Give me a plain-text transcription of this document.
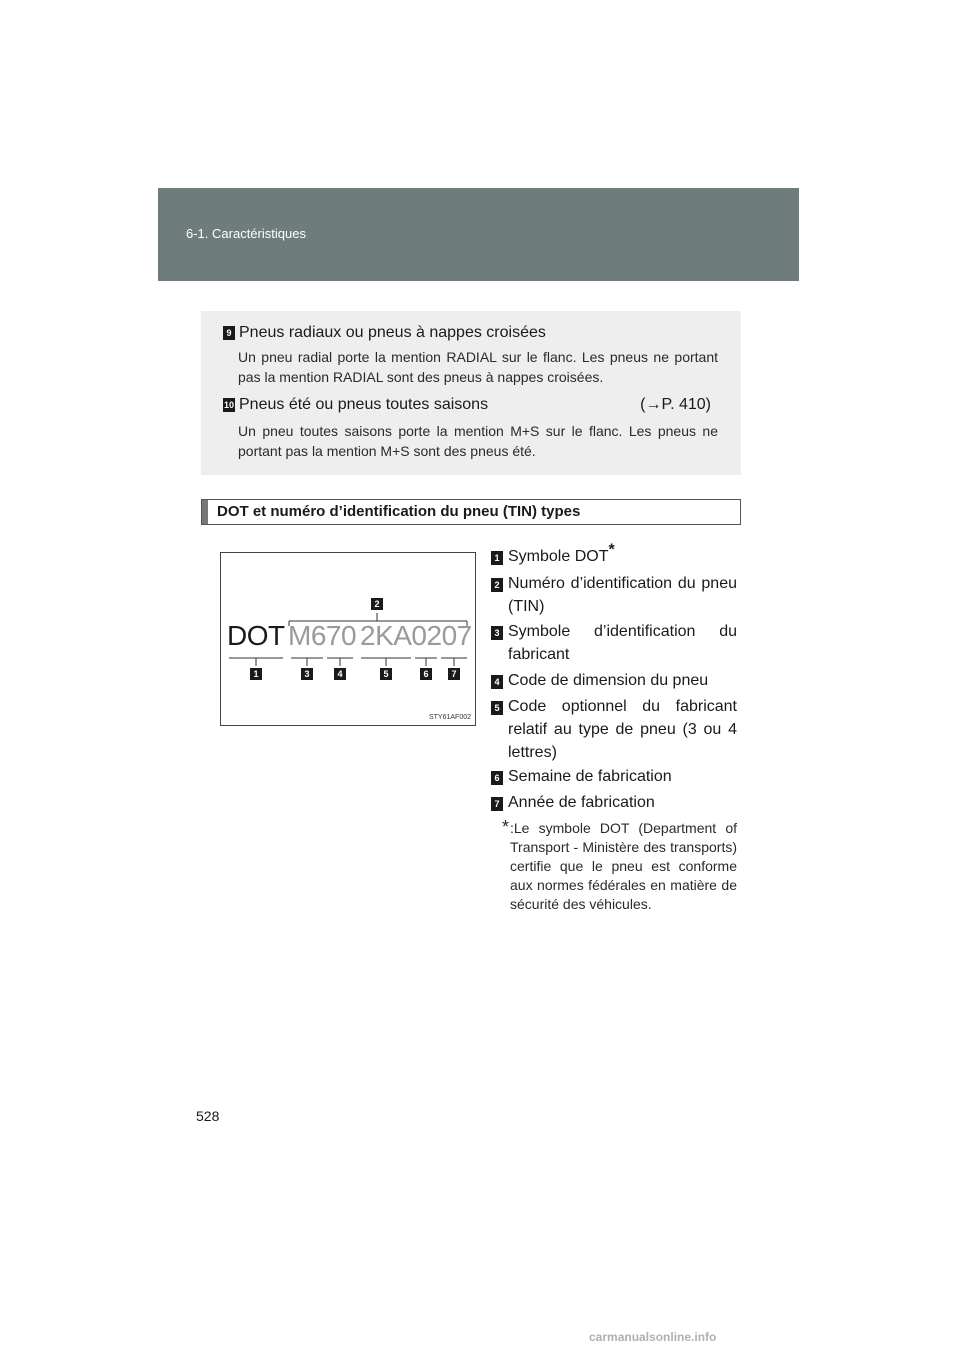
6-1. Caractéristiques
9 Pneus radiaux ou pneus à nappes croisées
Un pneu radial porte la mention RADIAL sur le flanc. Les pneus ne portant pas la mention RADIAL sont des pneus à nappes croisées.
10 Pneus été ou pneus toutes saisons	(→P. 410)
Un pneu toutes saisons porte la mention M+S sur le flanc. Les pneus ne portant pas la mention M+S sont des pneus été.
DOT et numéro d’identification du pneu (TIN) types
2
DOT M670 2KA0207
1	3	4	5	6	7
STY61AF002
1 Symbole DOT*
2 Numéro d’identification du pneu (TIN)
3 Symbole d’identification du fabricant
4 Code de dimension du pneu
5 Code optionnel du fabricant relatif au type de pneu (3 ou 4 lettres)
6 Semaine de fabrication
7 Année de fabrication
* :Le symbole DOT (Department of Transport - Ministère des transports) certifie que le pneu est conforme aux normes fédérales en matière de sécurité des véhicules.
528
carmanualsonline.info
